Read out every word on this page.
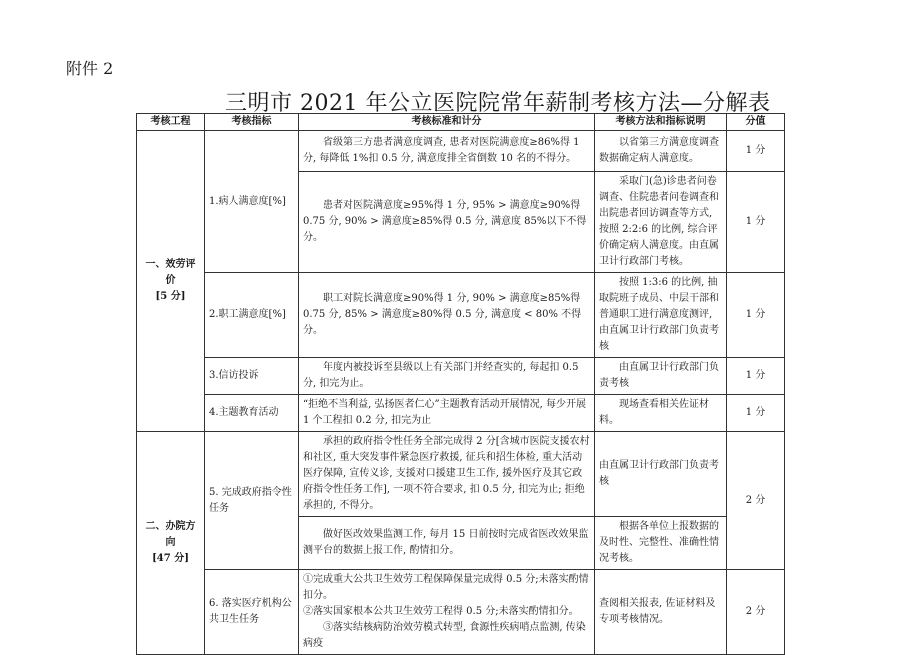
附件 2
三明市 2021 年公立医院院常年薪制考核方法—分解表
考核工程	考核指标	考核标准和计分	考核方法和指标说明	分值
一、效劳评价
[5 分]	1.病人满意度[%]	省级第三方患者满意度调查, 患者对医院满意度≥86%得 1 分, 每降低 1%扣 0.5 分, 满意度排全省倒数 10 名的不得分。	以省第三方满意度调查数据确定病人满意度。	1 分
		患者对医院满意度≥95%得 1 分, 95% > 满意度≥90%得 0.75 分, 90% > 满意度≥85%得 0.5 分, 满意度 85%以下不得分。	采取门(急)诊患者问卷调查、住院患者问卷调查和出院患者回访调查等方式, 按照 2:2:6 的比例, 综合评价确定病人满意度。由直属卫计行政部门考核。	1 分
	2.职工满意度[%]	职工对院长满意度≥90%得 1 分, 90% > 满意度≥85%得 0.75 分, 85% > 满意度≥80%得 0.5 分, 满意度 < 80% 不得分。	按照 1:3:6 的比例, 抽取院班子成员、中层干部和普通职工进行满意度测评, 由直属卫计行政部门负责考核	1 分
	3.信访投诉	年度内被投诉至县级以上有关部门并经查实的, 每起扣 0.5 分, 扣完为止。	由直属卫计行政部门负责考核	1 分
	4.主题教育活动	“拒绝不当利益, 弘扬医者仁心”主题教育活动开展情况, 每少开展 1 个工程扣 0.2 分, 扣完为止	现场查看相关佐证材料。	1 分
二、办院方向
[47 分]	5. 完成政府指令性任务	承担的政府指令性任务全部完成得 2 分[含城市医院支援农村和社区, 重大突发事件紧急医疗救援, 征兵和招生体检, 重大活动医疗保障, 宣传义诊, 支援对口援建卫生工作, 援外医疗及其它政府指令性任务工作], 一项不符合要求, 扣 0.5 分, 扣完为止; 拒绝承担的, 不得分。	由直属卫计行政部门负责考核	2 分
		做好医改效果监测工作, 每月 15 日前按时完成省医改效果监测平台的数据上报工作, 酌情扣分。	根据各单位上报数据的及时性、完整性、准确性情况考核。	
	6. 落实医疗机构公共卫生任务	①完成重大公共卫生效劳工程保障保量完成得 0.5 分;未落实酌情扣分。
②落实国家根本公共卫生效劳工程得 0.5 分;未落实酌情扣分。
③落实结核病防治效劳模式转型, 食源性疾病哨点监测, 传染病疫	查阅相关报表, 佐证材料及专项考核情况。	2 分
